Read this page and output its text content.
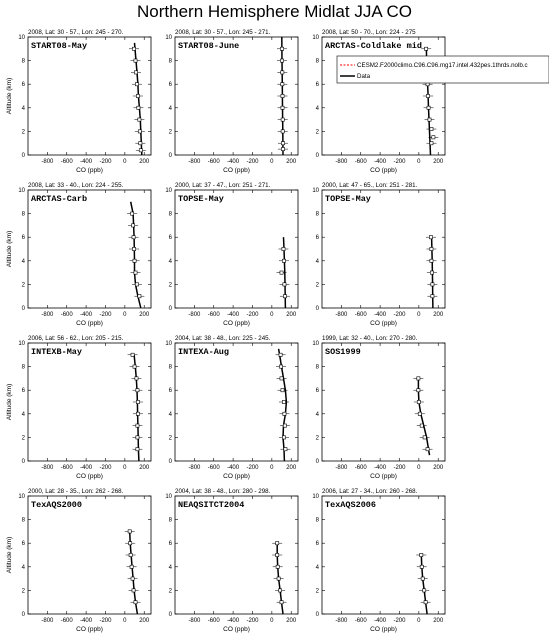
Northern Hemisphere Midlat JJA CO
2008, Lat: 30 - 57., Lon: 245 - 270.
START08-May
-800 -600 -400 -200 0 200
0
2
4
6
8
10
CO (ppb)
Altitude (km)
2008, Lat: 30 - 57., Lon: 245 - 271.
START08-June
-800 -600 -400 -200 0 200
0
2
4
6
8
10
CO (ppb)
2008, Lat: 50 - 70., Lon: 224 - 275
ARCTAS-Coldlake mid
-800 -600 -400 -200 0 200
0
2
4
6
8
10
CO (ppb)
2008, Lat: 33 - 40., Lon: 224 - 255.
ARCTAS-Carb
-800 -600 -400 -200 0 200
0
2
4
6
8
10
CO (ppb)
Altitude (km)
2000, Lat: 37 - 47., Lon: 251 - 271.
TOPSE-May
-800 -600 -400 -200 0 200
0
2
4
6
8
10
CO (ppb)
2000, Lat: 47 - 65., Lon: 251 - 281.
TOPSE-May
-800 -600 -400 -200 0 200
0
2
4
6
8
10
CO (ppb)
2006, Lat: 56 - 62., Lon: 205 - 215.
INTEXB-May
-800 -600 -400 -200 0 200
0
2
4
6
8
10
CO (ppb)
Altitude (km)
2004, Lat: 38 - 48., Lon: 225 - 245.
INTEXA-Aug
-800 -600 -400 -200 0 200
0
2
4
6
8
10
CO (ppb)
1999, Lat: 32 - 40., Lon: 270 - 280.
SOS1999
-800 -600 -400 -200 0 200
0
2
4
6
8
10
CO (ppb)
2000, Lat: 28 - 35., Lon: 262 - 268.
TexAQS2000
-800 -600 -400 -200 0 200
0
2
4
6
8
10
CO (ppb)
Altitude (km)
2004, Lat: 38 - 48., Lon: 280 - 298.
NEAQSITCT2004
-800 -600 -400 -200 0 200
0
2
4
6
8
10
CO (ppb)
2006, Lat: 27 - 34., Lon: 260 - 268.
TexAQS2006
-800 -600 -400 -200 0 200
0
2
4
6
8
10
CO (ppb)
CESM2.F2000climo.C96.C96.mg17.intel.432pes.1thrds.nolb.c
Data
